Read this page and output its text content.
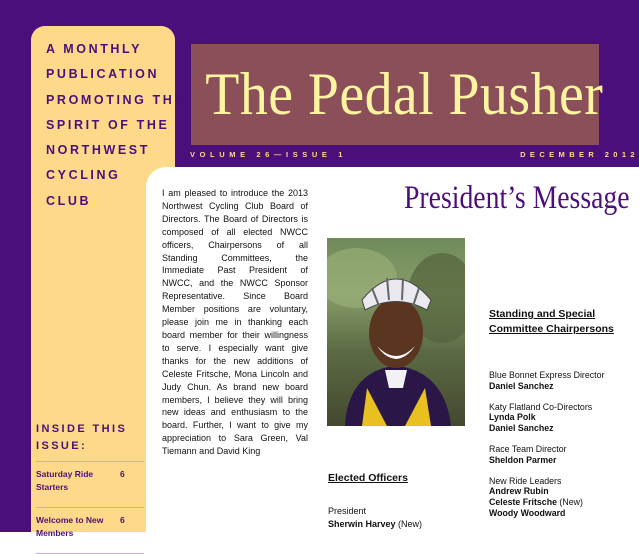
A MONTHLY
PUBLICATION
PROMOTING THE
SPIRIT OF THE
NORTHWEST
CYCLING
CLUB
The Pedal Pusher
VOLUME 26—ISSUE 1	DECEMBER 2012
INSIDE THIS ISSUE:
Saturday Ride Starters
6
Welcome to New Members
6
I am pleased to introduce the 2013 Northwest Cycling Club Board of Directors. The Board of Directors is composed of all elected NWCC officers, Chairpersons of all Standing Committees, the Immediate Past President of NWCC, and the NWCC Sponsor Representative. Since Board Member positions are voluntary, please join me in thanking each board member for their willingness to serve. I especially want give thanks for the new additions of Celeste Fritsche, Mona Lincoln and Judy Chun. As brand new board members, I believe they will bring new ideas and enthusiasm to the board. Further, I want to give my appreciation to Sara Green, Val Tiemann and David King
President’s Message
Elected Officers
President
Sherwin Harvey (New)
Standing and Special Committee Chairpersons
Blue Bonnet Express Director
Daniel Sanchez
Katy Flatland Co-Directors
Lynda Polk
Daniel Sanchez
Race Team Director
Sheldon Parmer
New Ride Leaders
Andrew Rubin
Celeste Fritsche (New)
Woody Woodward
